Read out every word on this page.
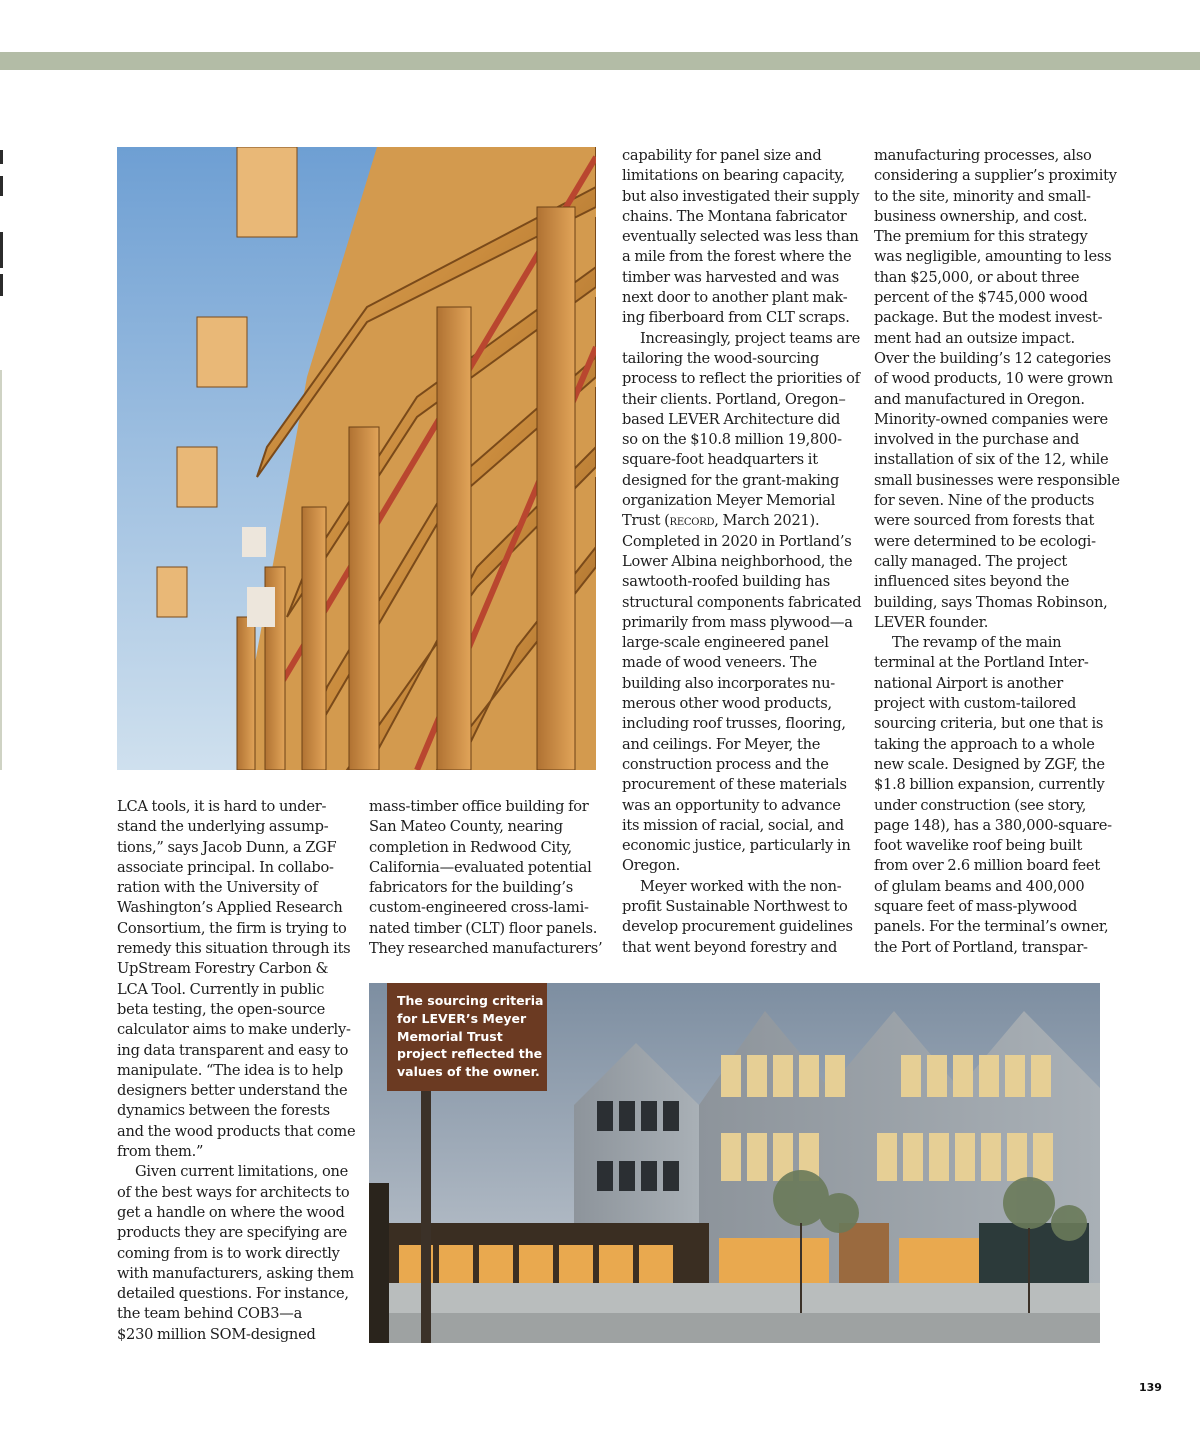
The sourcing criteria
for LEVER’s Meyer
Memorial Trust
project reflected the
values of the owner.
LCA tools, it is hard to under-
stand the underlying assump-
tions,” says Jacob Dunn, a ZGF
associate principal. In collabo-
ration with the University of
Washington’s Applied Research
Consortium, the firm is trying to
remedy this situation through its
UpStream Forestry Carbon &
LCA Tool. Currently in public
beta testing, the open-source
calculator aims to make underly-
ing data transparent and easy to
manipulate. “The idea is to help
designers better understand the
dynamics between the forests
and the wood products that come
from them.”
Given current limitations, one
of the best ways for architects to
get a handle on where the wood
products they are specifying are
coming from is to work directly
with manufacturers, asking them
detailed questions. For instance,
the team behind COB3—a
$230 million SOM-designed
mass-timber office building for
San Mateo County, nearing
completion in Redwood City,
California—evaluated potential
fabricators for the building’s
custom-engineered cross-lami-
nated timber (CLT) floor panels.
They researched manufacturers’
capability for panel size and
limitations on bearing capacity,
but also investigated their supply
chains. The Montana fabricator
eventually selected was less than
a mile from the forest where the
timber was harvested and was
next door to another plant mak-
ing fiberboard from CLT scraps.
Increasingly, project teams are
tailoring the wood-sourcing
process to reflect the priorities of
their clients. Portland, Oregon–
based LEVER Architecture did
so on the $10.8 million 19,800-
square-foot headquarters it
designed for the grant-making
organization Meyer Memorial
Trust (record, March 2021).
Completed in 2020 in Portland’s
Lower Albina neighborhood, the
sawtooth-roofed building has
structural components fabricated
primarily from mass plywood—a
large-scale engineered panel
made of wood veneers. The
building also incorporates nu-
merous other wood products,
including roof trusses, flooring,
and ceilings. For Meyer, the
construction process and the
procurement of these materials
was an opportunity to advance
its mission of racial, social, and
economic justice, particularly in
Oregon.
Meyer worked with the non-
profit Sustainable Northwest to
develop procurement guidelines
that went beyond forestry and
manufacturing processes, also
considering a supplier’s proximity
to the site, minority and small-
business ownership, and cost.
The premium for this strategy
was negligible, amounting to less
than $25,000, or about three
percent of the $745,000 wood
package. But the modest invest-
ment had an outsize impact.
Over the building’s 12 categories
of wood products, 10 were grown
and manufactured in Oregon.
Minority-owned companies were
involved in the purchase and
installation of six of the 12, while
small businesses were responsible
for seven. Nine of the products
were sourced from forests that
were determined to be ecologi-
cally managed. The project
influenced sites beyond the
building, says Thomas Robinson,
LEVER founder.
The revamp of the main
terminal at the Portland Inter-
national Airport is another
project with custom-tailored
sourcing criteria, but one that is
taking the approach to a whole
new scale. Designed by ZGF, the
$1.8 billion expansion, currently
under construction (see story,
page 148), has a 380,000-square-
foot wavelike roof being built
from over 2.6 million board feet
of glulam beams and 400,000
square feet of mass-plywood
panels. For the terminal’s owner,
the Port of Portland, transpar-
139
